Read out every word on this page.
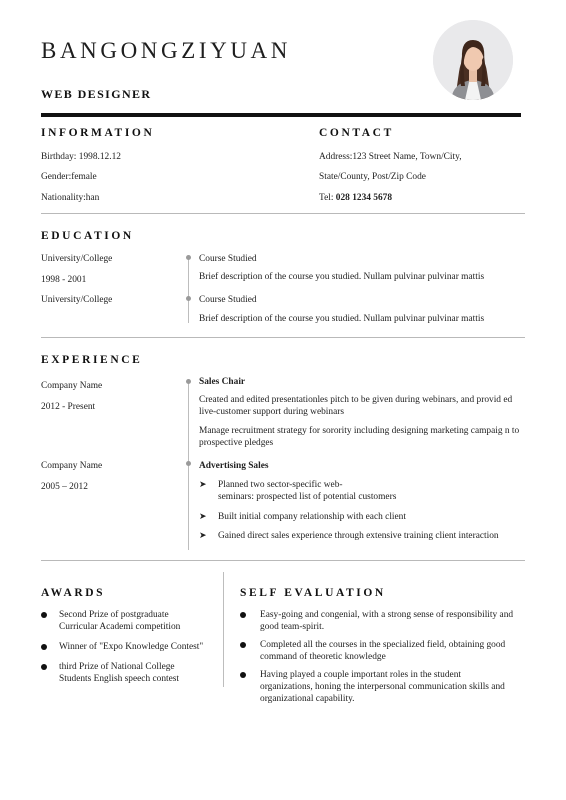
BANGONGZIYUAN
WEB DESIGNER
INFORMATION
Birthday: 1998.12.12
Gender:female
Nationality:han
CONTACT
Address:123 Street Name, Town/City,
State/County, Post/Zip Code
Tel: 028 1234 5678
EDUCATION
University/College
1998 - 2001
University/College
Course Studied
Brief description of the course you studied. Nullam pulvinar pulvinar mattis
Course Studied
Brief description of the course you studied. Nullam pulvinar pulvinar mattis
EXPERIENCE
Company Name
2012 - Present
Company Name
2005 – 2012
Sales Chair
Created and edited presentationles pitch to be given during webinars, and provid ed live-customer support during webinars
Manage recruitment strategy for sorority including designing marketing campaig n to prospective pledges
Advertising Sales
➤ Planned two sector-specific web-
seminars: prospected list of potential customers
➤ Built initial company relationship with each client
➤ Gained direct sales experience through extensive training client interaction
AWARDS
Second Prize of postgraduate
Curricular Academi competition
Winner of "Expo Knowledge Contest"
third Prize of National College
Students English speech contest
SELF EVALUATION
Easy-going and congenial, with a strong sense of responsibility and
good team-spirit.
Completed all the courses in the specialized field, obtaining good
command of theoretic knowledge
Having played a couple important roles in the student
organizations, honing the interpersonal communication skills and
organizational capability.
